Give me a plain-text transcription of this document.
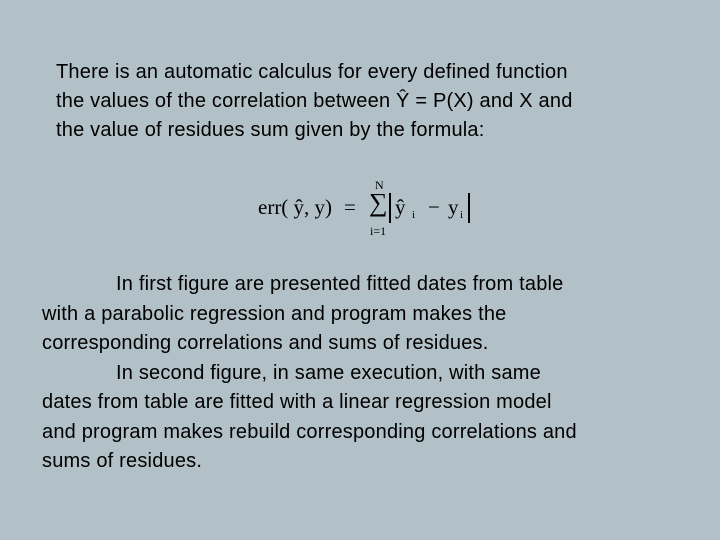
There is an automatic calculus for every defined function
the values of the correlation between Ŷ = P(X) and X and
the value of residues sum given by the formula:
err( ŷ, y) =
N
∑
i=1
ŷ i − y i
In first figure are presented fitted dates from table
with a parabolic regression and program makes the
corresponding correlations and sums of residues.
In second figure, in same execution, with same
dates from table are fitted with a linear regression model
and program makes rebuild corresponding correlations and
sums of residues.
